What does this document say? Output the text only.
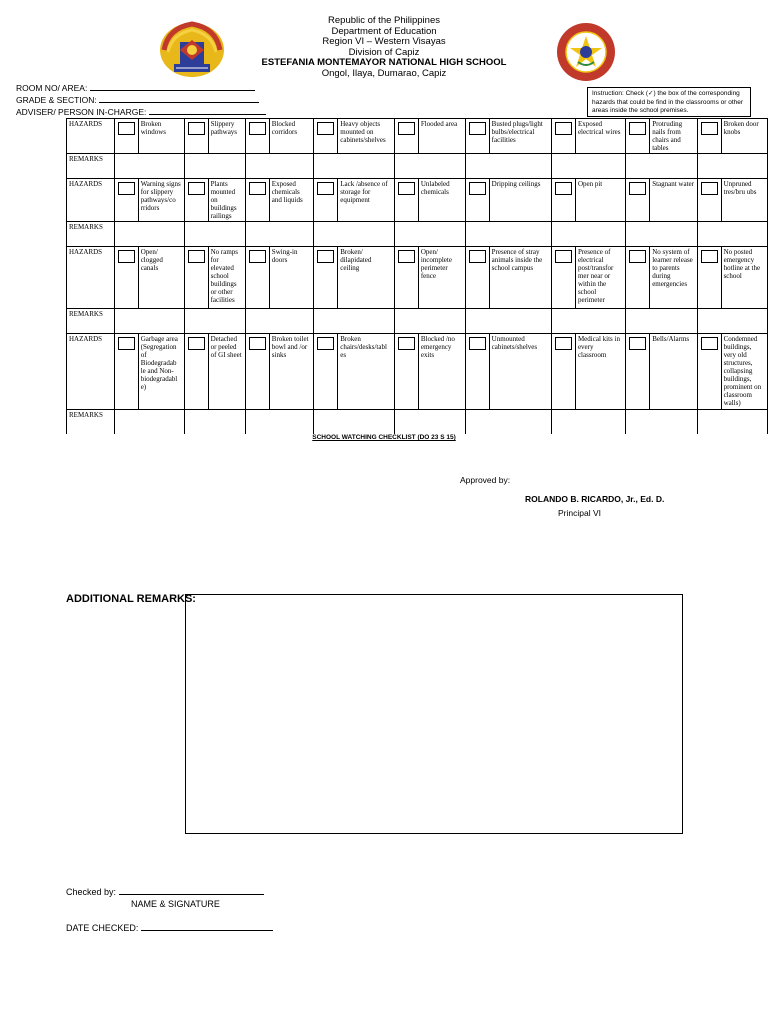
Republic of the Philippines
Department of Education
Region VI – Western Visayas
Division of Capiz
ESTEFANIA MONTEMAYOR NATIONAL HIGH SCHOOL
Ongol, Ilaya, Dumarao, Capiz
ROOM NO/ AREA:
GRADE & SECTION:
ADVISER/ PERSON IN-CHARGE:
Instruction: Check (✓) the box of the corresponding hazards that could be find in the classrooms or other areas inside the school premises.
HAZARDS		Broken windows		Slippery pathways		Blocked corridors		Heavy objects mounted on cabinets/shelves		Flooded area		Busted plugs/light bulbs/electrical facilities		Exposed electrical wires		Protruding nails from chairs and tables		Broken door knobs
REMARKS																		
HAZARDS		Warning signs for slippery pathways/co rridors		Plants mounted on buildings railings		Exposed chemicals and liquids		Lack /absence of storage for equipment		Unlabeled chemicals		Dripping ceilings		Open pit		Stagnant water		Unpruned tres/bru ubs
REMARKS																		
HAZARDS		Open/ clogged canals		No ramps for elevated school buildings or other facilities		Swing-in doors		Broken/ dilapidated ceiling		Open/ incomplete perimeter fence		Presence of stray animals inside the school campus		Presence of electrical post/transfor mer near or within the school perimeter		No system of learner release to parents during emergencies		No posted emergency hotline at the school
REMARKS																		
HAZARDS		Garbage area (Segregation of Biodegradab le and Non-biodegradabl e)		Detached or peeled of GI sheet		Broken toilet bowl and /or sinks		Broken chairs/desks/tabl es		Blocked /no emergency exits		Unmounted cabinets/shelves		Medical kits in every classroom		Bells/Alarms		Condemned buildings, very old structures, collapsing buildings, prominent on classroom walls)
REMARKS																		
SCHOOL WATCHING CHECKLIST (DO 23 S 15)
Approved by:
ROLANDO B. RICARDO, Jr., Ed. D.
Principal VI
ADDITIONAL REMARKS:
Checked by:
NAME & SIGNATURE
DATE CHECKED:
